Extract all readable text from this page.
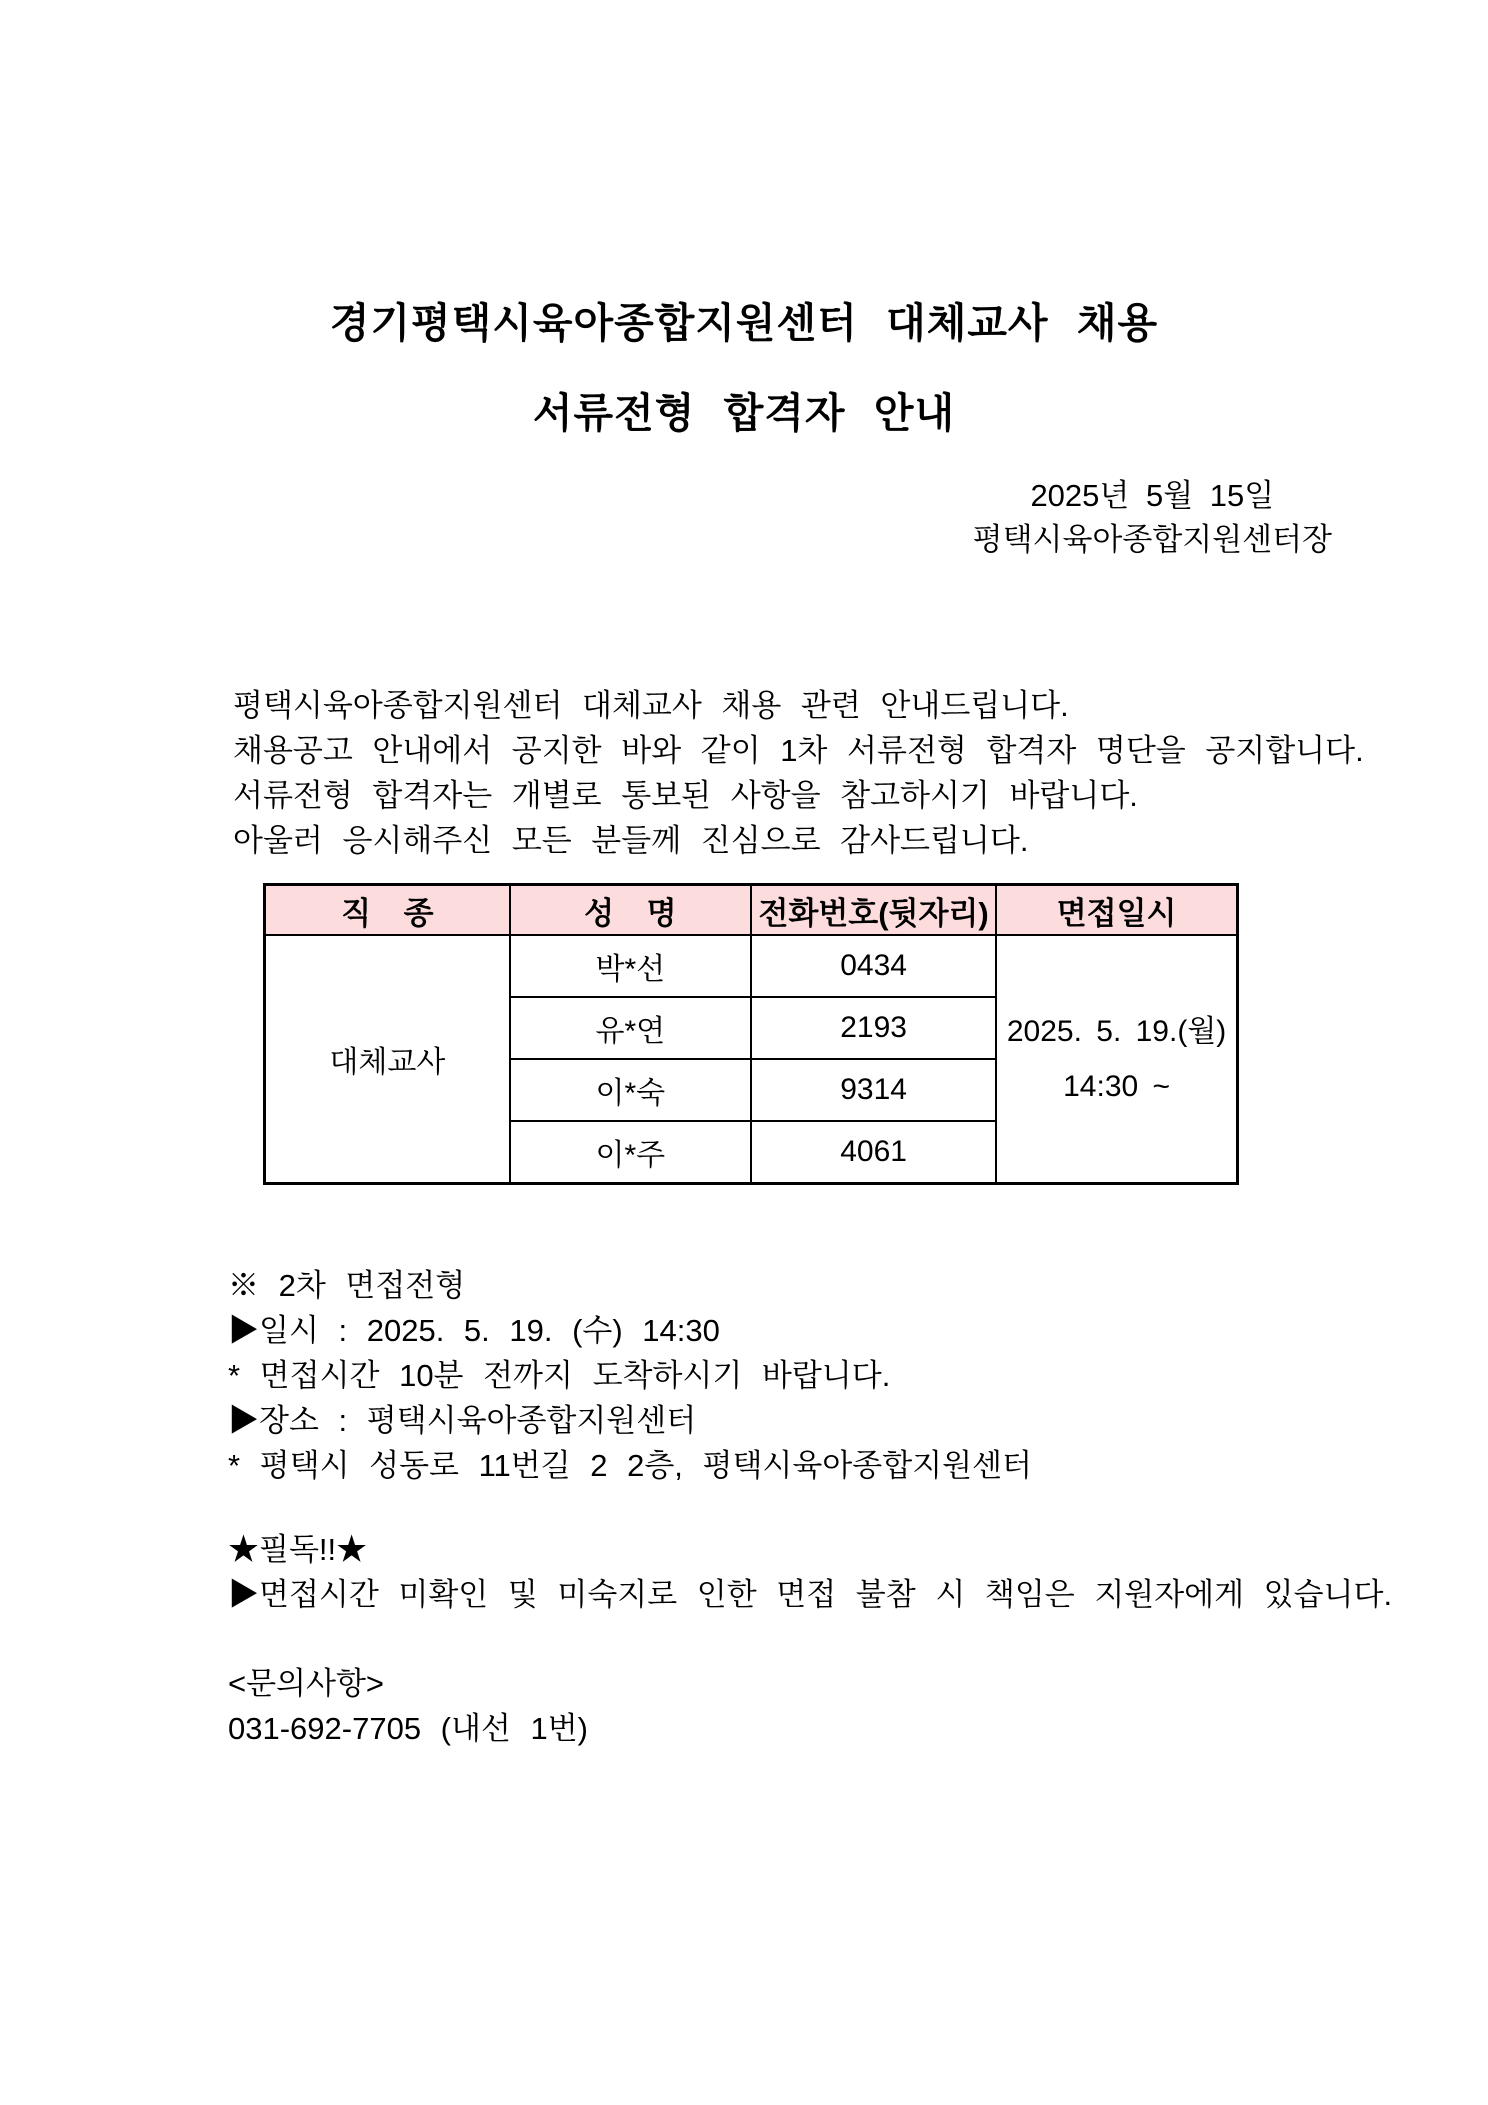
경기평택시육아종합지원센터 대체교사 채용
서류전형 합격자 안내
2025년 5월 15일
평택시육아종합지원센터장
평택시육아종합지원센터 대체교사 채용 관련 안내드립니다.
채용공고 안내에서 공지한 바와 같이 1차 서류전형 합격자 명단을 공지합니다.
서류전형 합격자는 개별로 통보된 사항을 참고하시기 바랍니다.
아울러 응시해주신 모든 분들께 진심으로 감사드립니다.
직 종	성 명	전화번호(뒷자리)	면접일시
대체교사	박*선	0434	2025. 5. 19.(월)
14:30 ~

	유*연	2193	
	이*숙	9314	
	이*주	4061	
※ 2차 면접전형
▶일시 : 2025. 5. 19. (수) 14:30
* 면접시간 10분 전까지 도착하시기 바랍니다.
▶장소 : 평택시육아종합지원센터
* 평택시 성동로 11번길 2 2층, 평택시육아종합지원센터
★필독!!★
▶면접시간 미확인 및 미숙지로 인한 면접 불참 시 책임은 지원자에게 있습니다.
<문의사항>
031-692-7705 (내선 1번)
